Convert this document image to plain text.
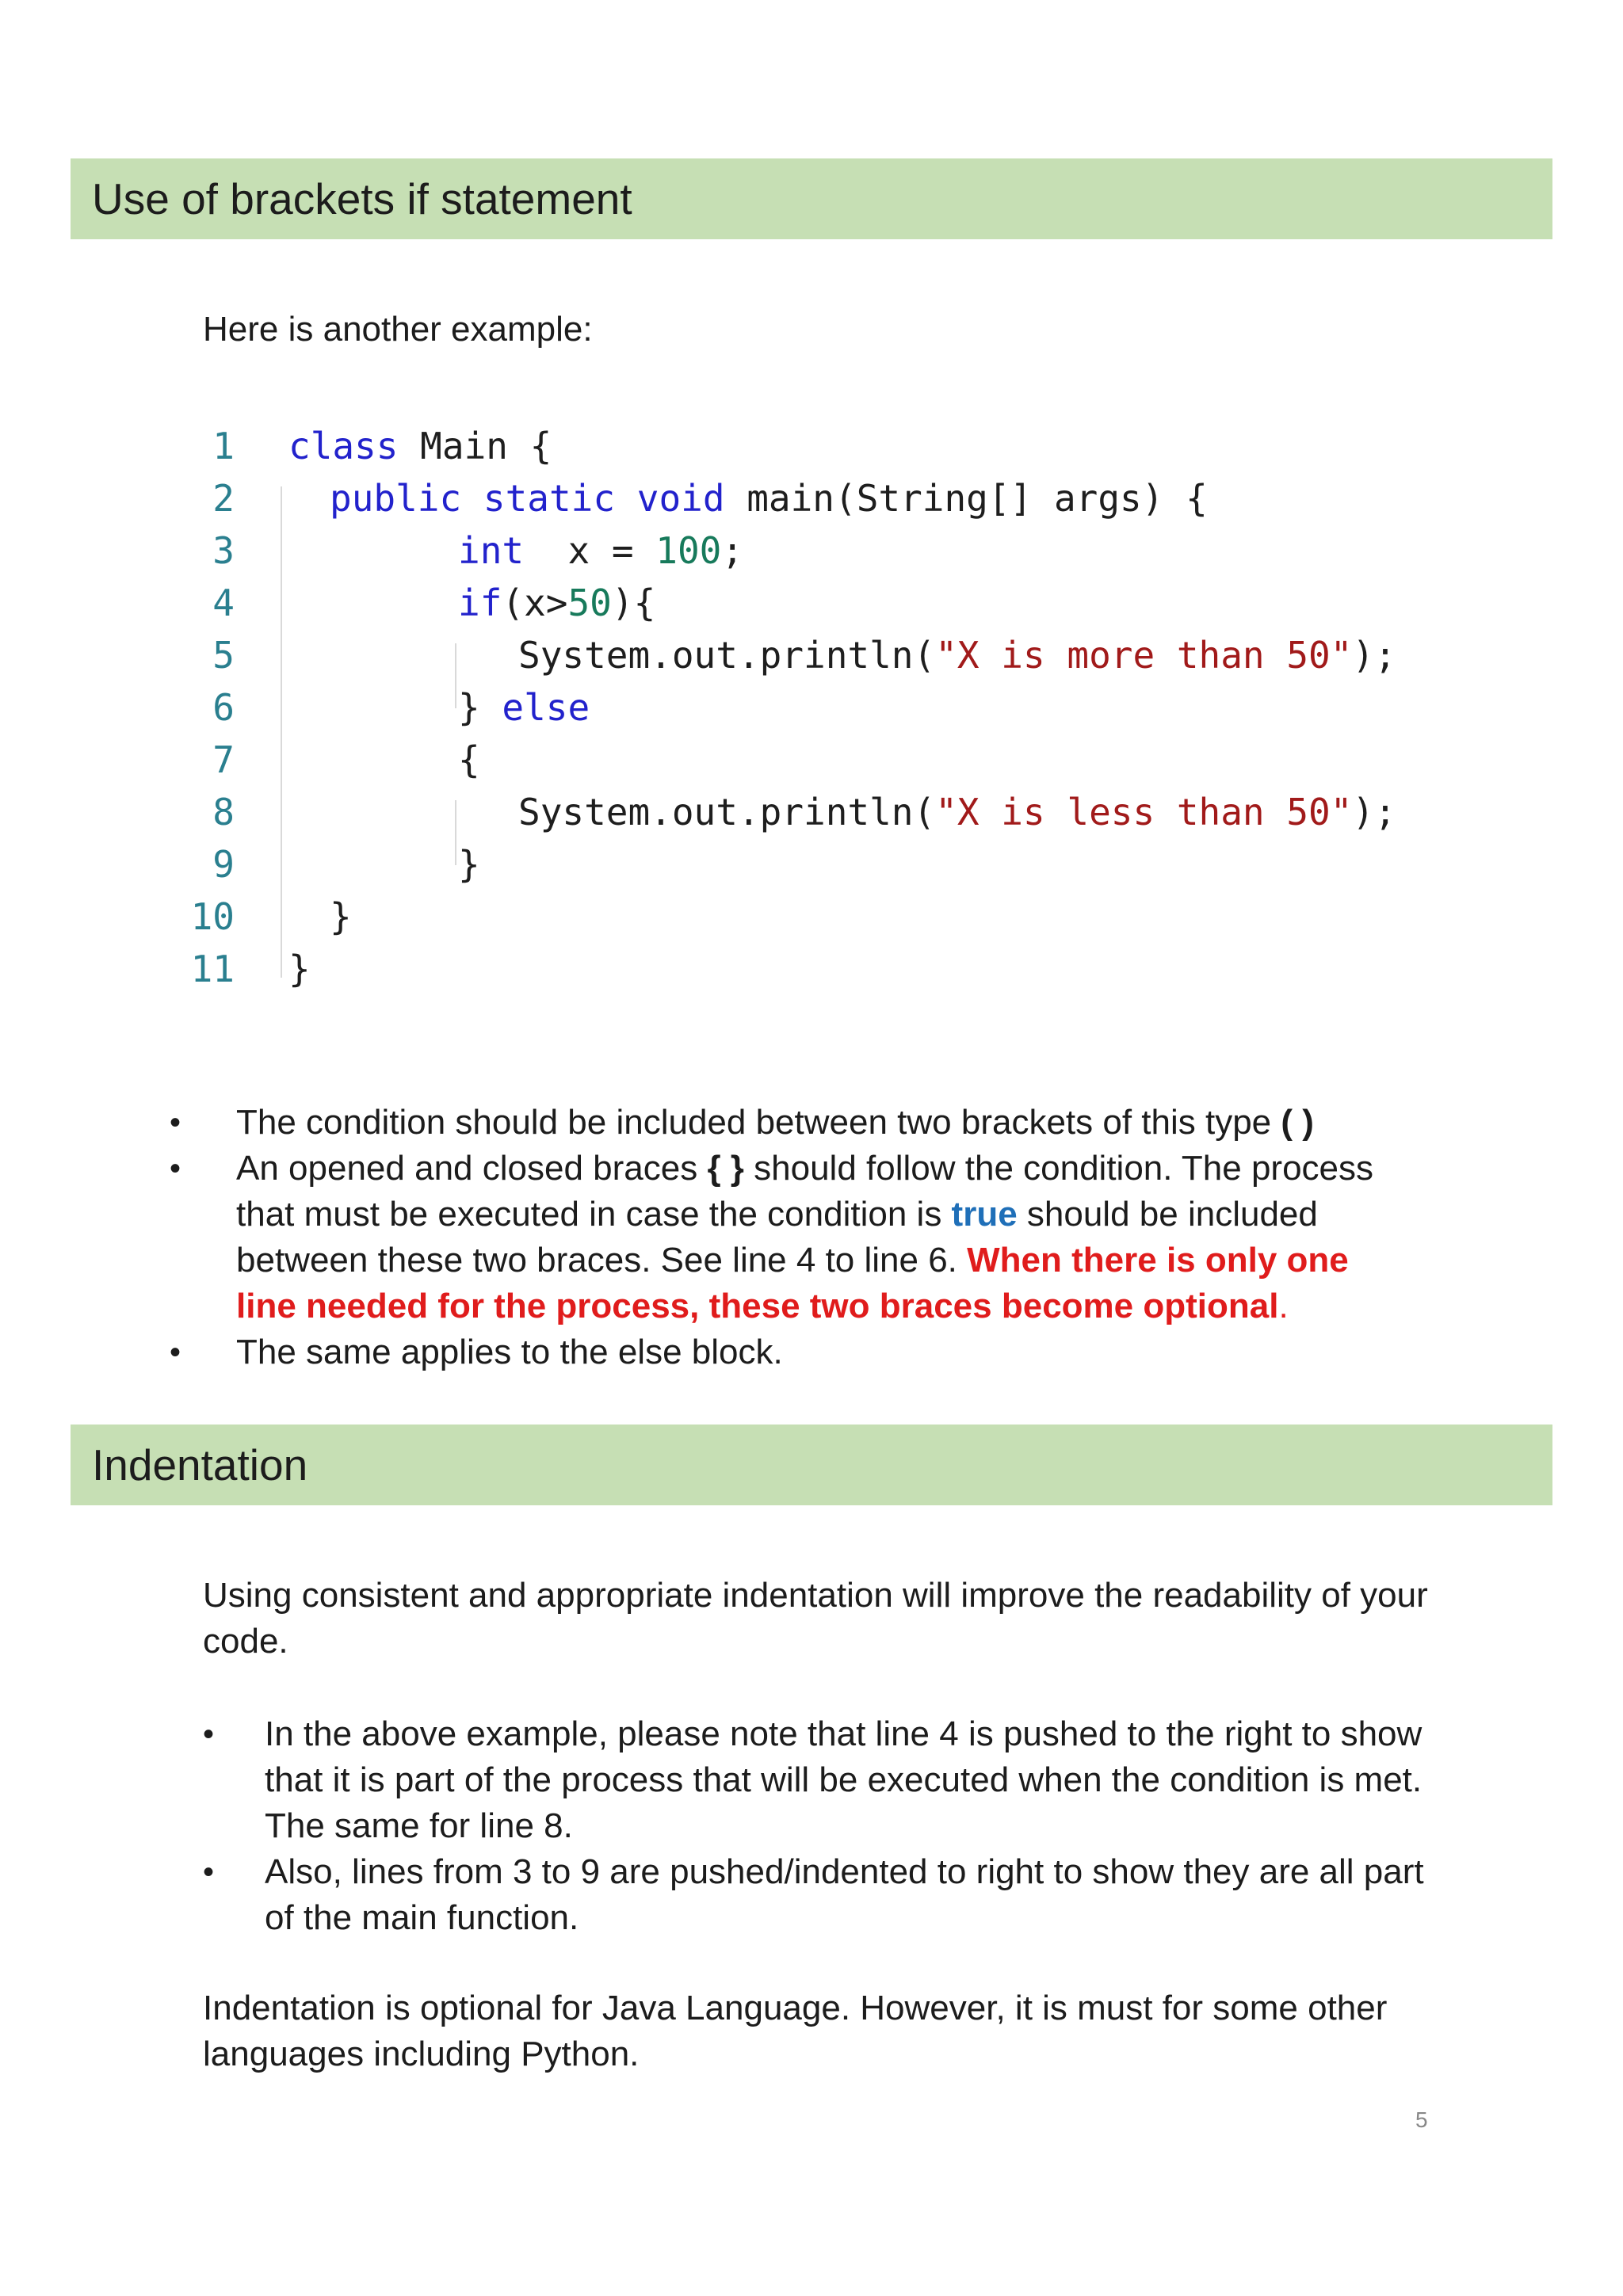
Use of brackets if statement
Here is another example:
1 class Main {
2	public static void main(String[] args) {
3	int  x = 100;
4	if(x>50){
5	System.out.println("X is more than 50");
6	} else
7	{
8	System.out.println("X is less than 50");
9	}
10	}
11 }
• The condition should be included between two brackets of this type ( )
• An opened and closed braces { } should follow the condition. The process that must be executed in case the condition is true should be included between these two braces. See line 4 to line 6. When there is only one line needed for the process, these two braces become optional.
• The same applies to the else block.
Indentation
Using consistent and appropriate indentation will improve the readability of your code.
• In the above example, please note that line 4 is pushed to the right to show that it is part of the process that will be executed when the condition is met. The same for line 8.
• Also, lines from 3 to 9 are pushed/indented to right to show they are all part of the main function.
Indentation is optional for Java Language. However, it is must for some other languages including Python.
5
